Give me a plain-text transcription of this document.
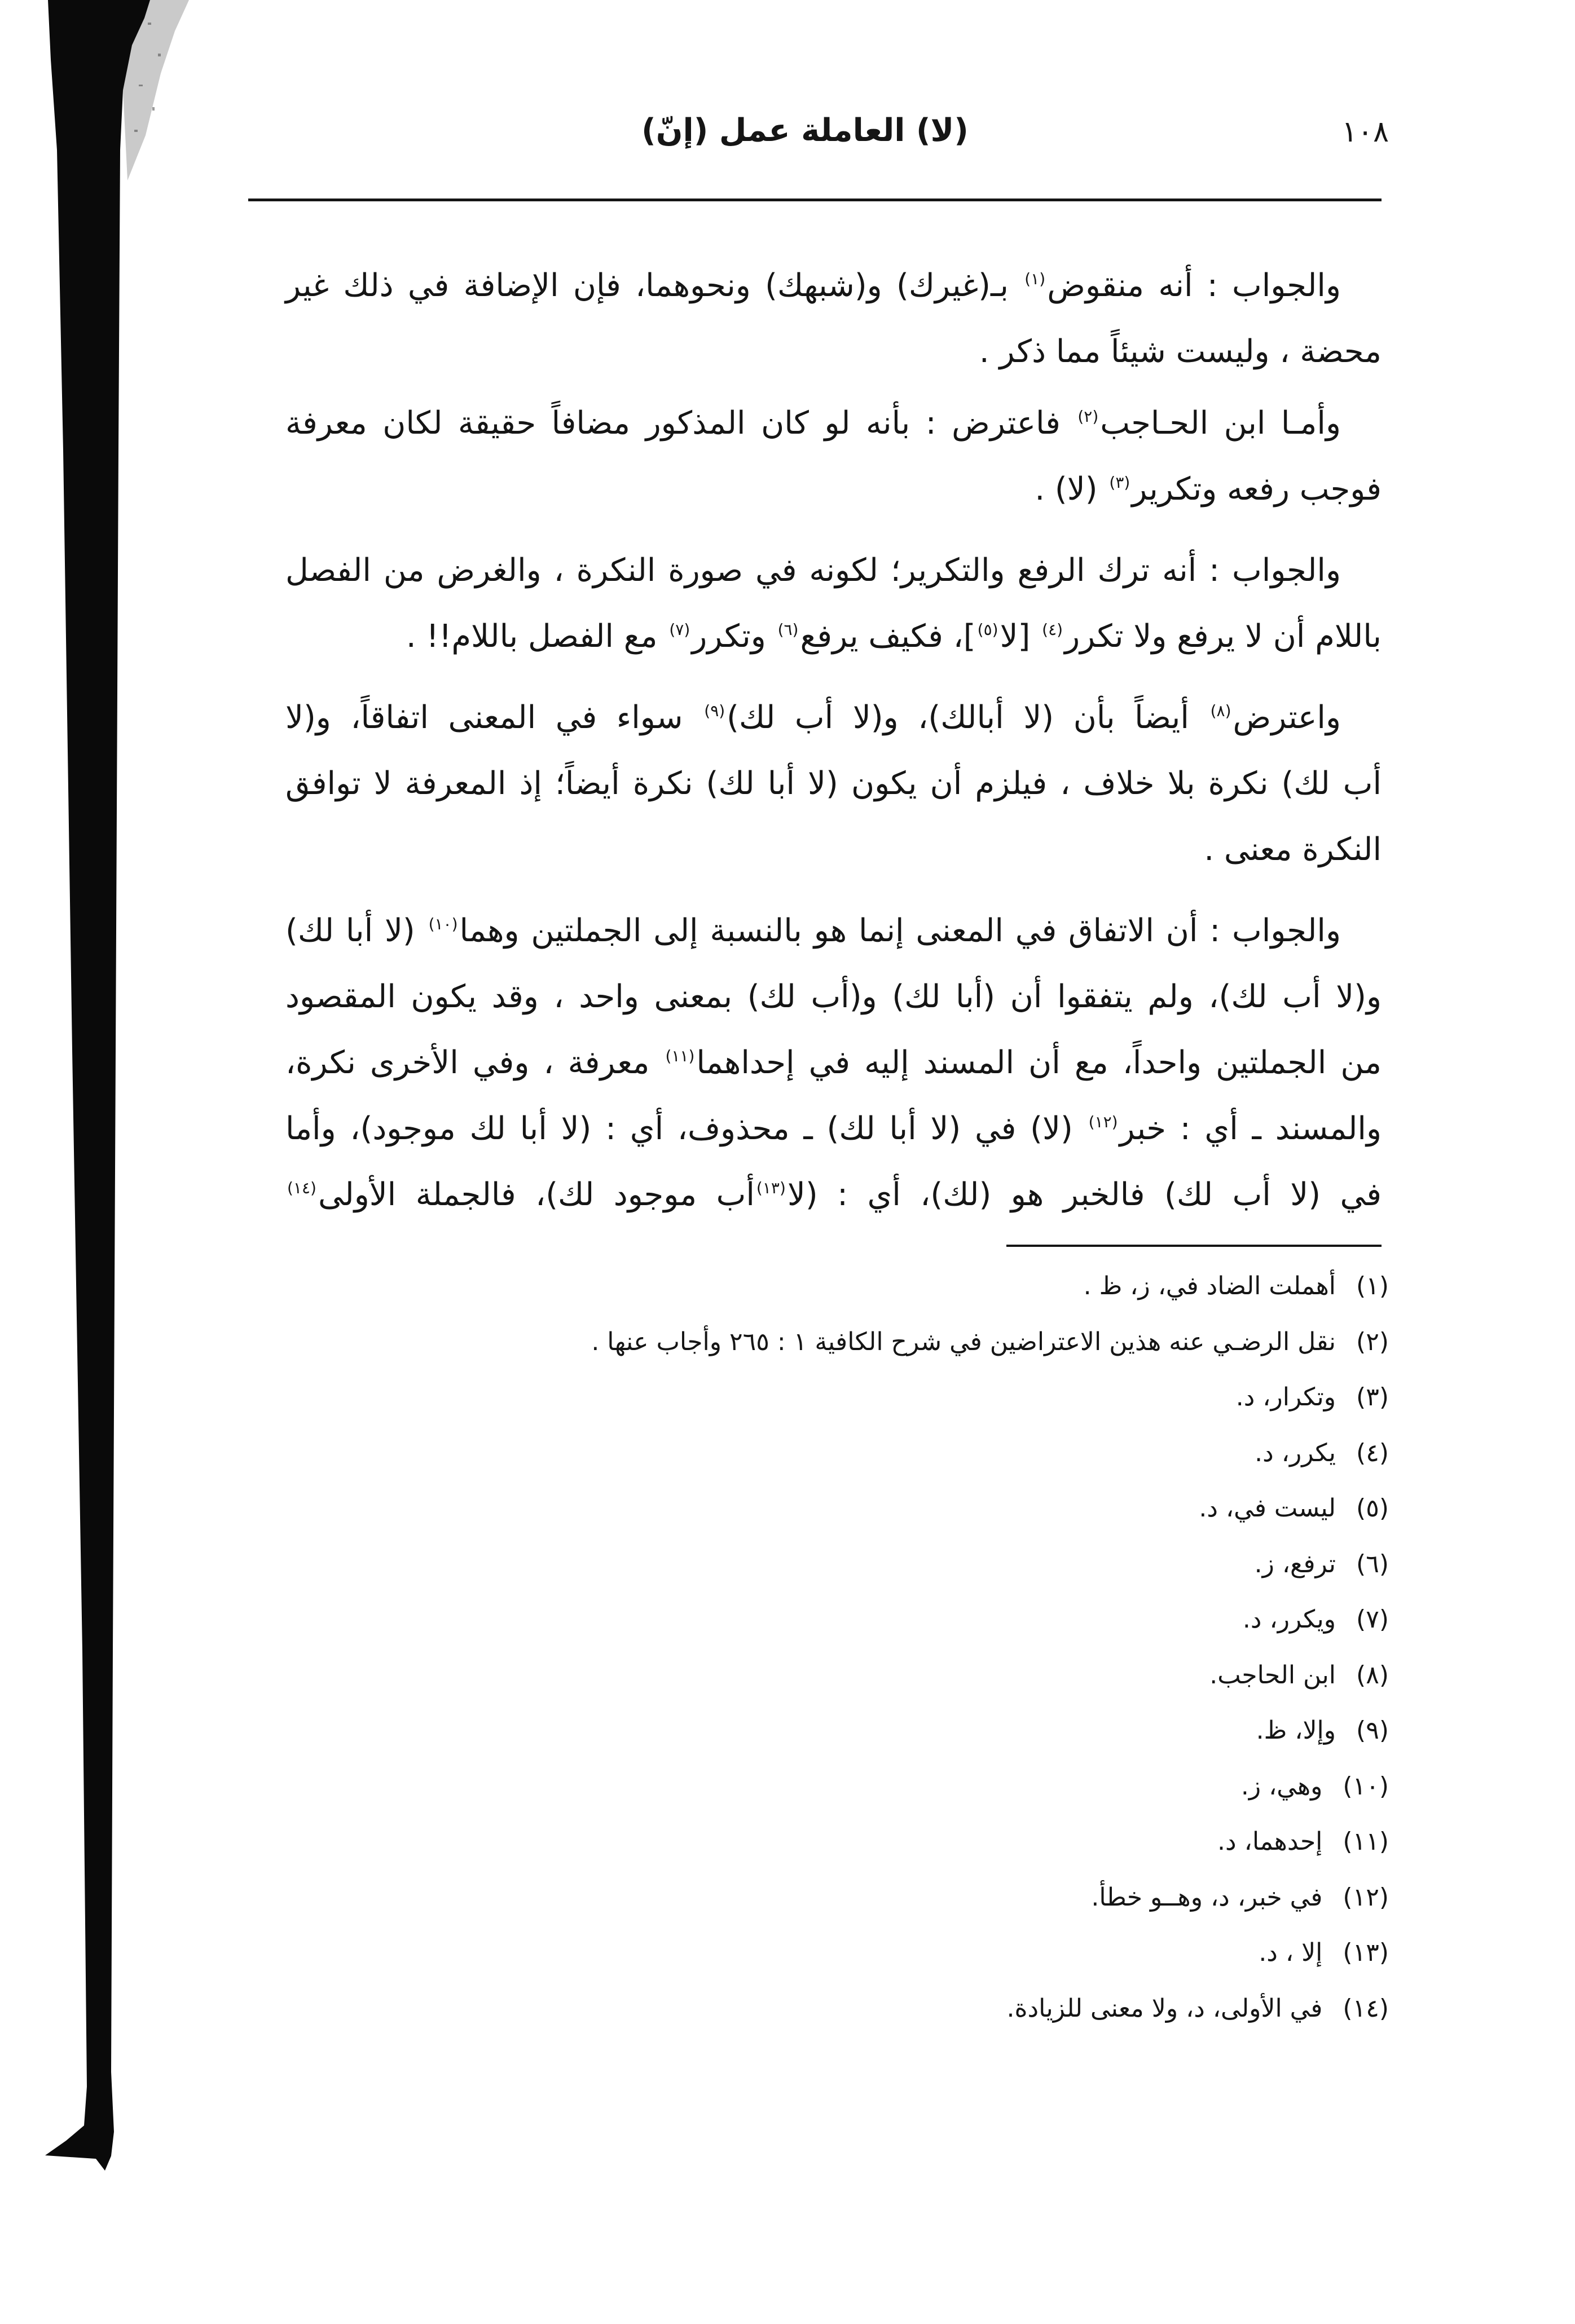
١٠٨
(لا) العاملة عمل (إنّ)
والجواب : أنه منقوض$^{(١)}$ بـ(غيرك) و(شبهك) ونحوهما، فإن الإضافة في ذلك غير
محضة ، وليست شيئاً مما ذكر .
وأمـا ابن الحـاجب$^{(٢)}$ فاعترض : بأنه لو كان المذكور مضافاً حقيقة لكان معرفة
فوجب رفعه وتكرير$^{(٣)}$ (لا) .
والجواب : أنه ترك الرفع والتكرير؛ لكونه في صورة النكرة ، والغرض من الفصل
باللام أن لا يرفع ولا تكرر$^{(٤)}$ [لا$^{(٥)}$]، فكيف يرفع$^{(٦)}$ وتكرر$^{(٧)}$ مع الفصل باللام!! .
واعترض$^{(٨)}$ أيضاً بأن (لا أبالك)، و(لا أب لك)$^{(٩)}$ سواء في المعنى اتفاقاً، و(لا
أب لك) نكرة بلا خلاف ، فيلزم أن يكون (لا أبا لك) نكرة أيضاً؛ إذ المعرفة لا توافق
النكرة معنى .
والجواب : أن الاتفاق في المعنى إنما هو بالنسبة إلى الجملتين وهما$^{(١٠)}$ (لا أبا لك)
و(لا أب لك)، ولم يتفقوا أن (أبا لك) و(أب لك) بمعنى واحد ، وقد يكون المقصود
من الجملتين واحداً، مع أن المسند إليه في إحداهما$^{(١١)}$ معرفة ، وفي الأخرى نكرة،
والمسند ـ أي : خبر$^{(١٢)}$ (لا) في (لا أبا لك) ـ محذوف، أي : (لا أبا لك موجود)، وأما
في (لا أب لك) فالخبر هو (لك)، أي : (لا$^{(١٣)}$أب موجود لك)، فالجملة الأولى$^{(١٤)}$
(١)أهملت الضاد في، ز، ظ .
(٢)نقل الرضـي عنه هذين الاعتراضين في شرح الكافية ١ : ٢٦٥ وأجاب عنها .
(٣)وتكرار، د.
(٤)يكرر، د.
(٥)ليست في، د.
(٦)ترفع، ز.
(٧)ويكرر، د.
(٨)ابن الحاجب.
(٩)وإلا، ظ.
(١٠)وهي، ز.
(١١)إحدهما، د.
(١٢)في خبر، د، وهــو خطأ.
(١٣)إلا ، د.
(١٤)في الأولى، د، ولا معنى للزيادة.
